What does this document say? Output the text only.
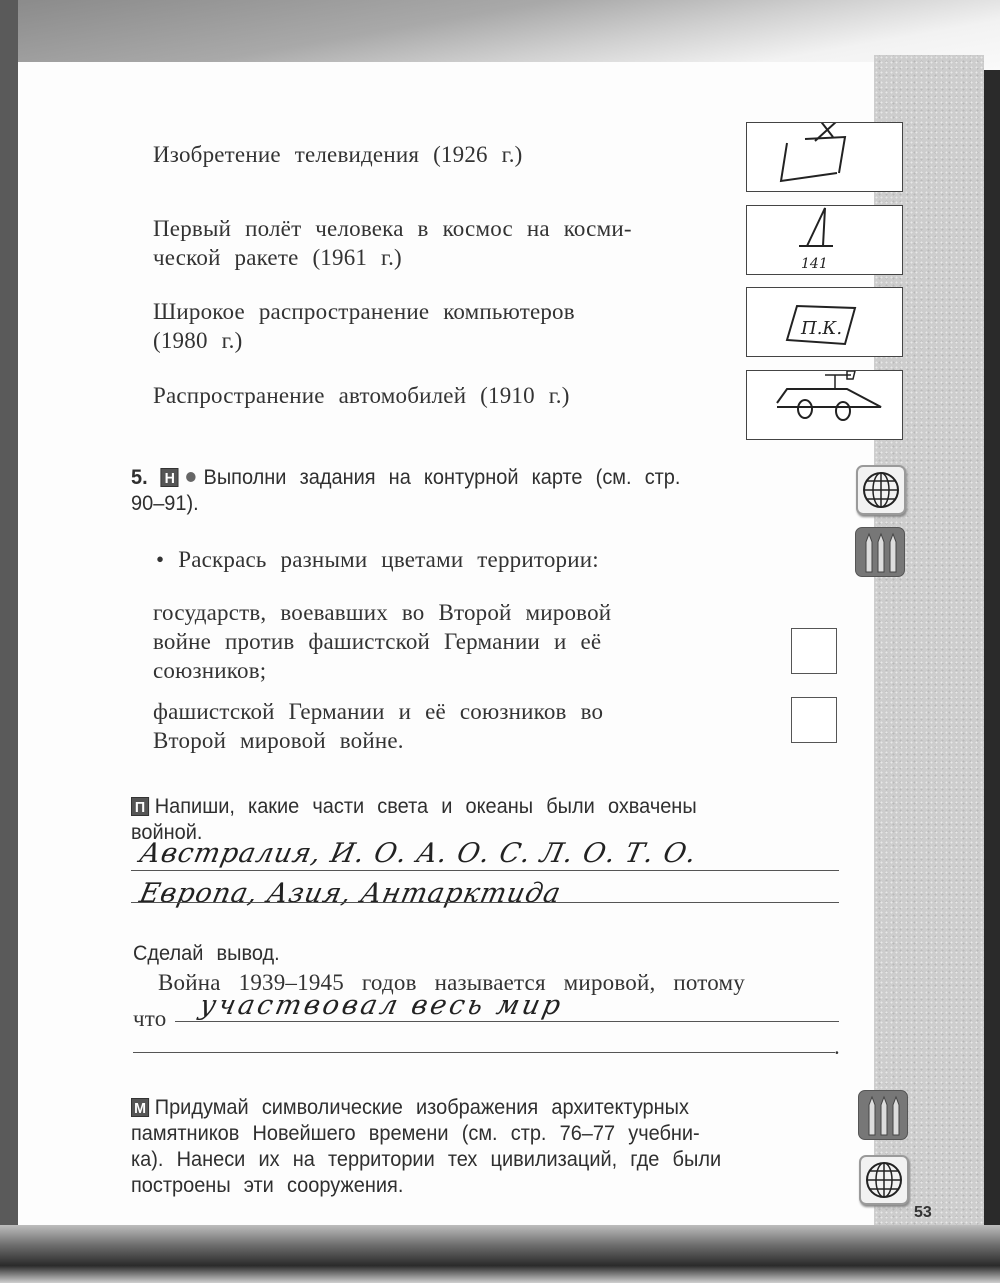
Изобретение телевидения (1926 г.)
Первый полёт человека в космос на косми-
ческой ракете (1961 г.)	141
Широкое распространение компьютеров
(1980 г.)	П.К.
Распространение автомобилей (1910 г.)
5. Н Выполни задания на контурной карте (см. стр.
90–91).
• Раскрась разными цветами территории:
государств, воевавших во Второй мировой
войне против фашистской Германии и её
союзников;
фашистской Германии и её союзников во
Второй мировой войне.
П Напиши, какие части света и океаны были охвачены
войной.
Австралия, И. О. А. О. С. Л. О. Т. О.
Европа, Азия, Антарктида
Сделай вывод.
Война 1939–1945 годов называется мировой, потому
что участвовал весь мир
.
М Придумай символические изображения архитектурных
памятников Новейшего времени (см. стр. 76–77 учебни-
ка). Нанеси их на территории тех цивилизаций, где были
построены эти сооружения.
53
